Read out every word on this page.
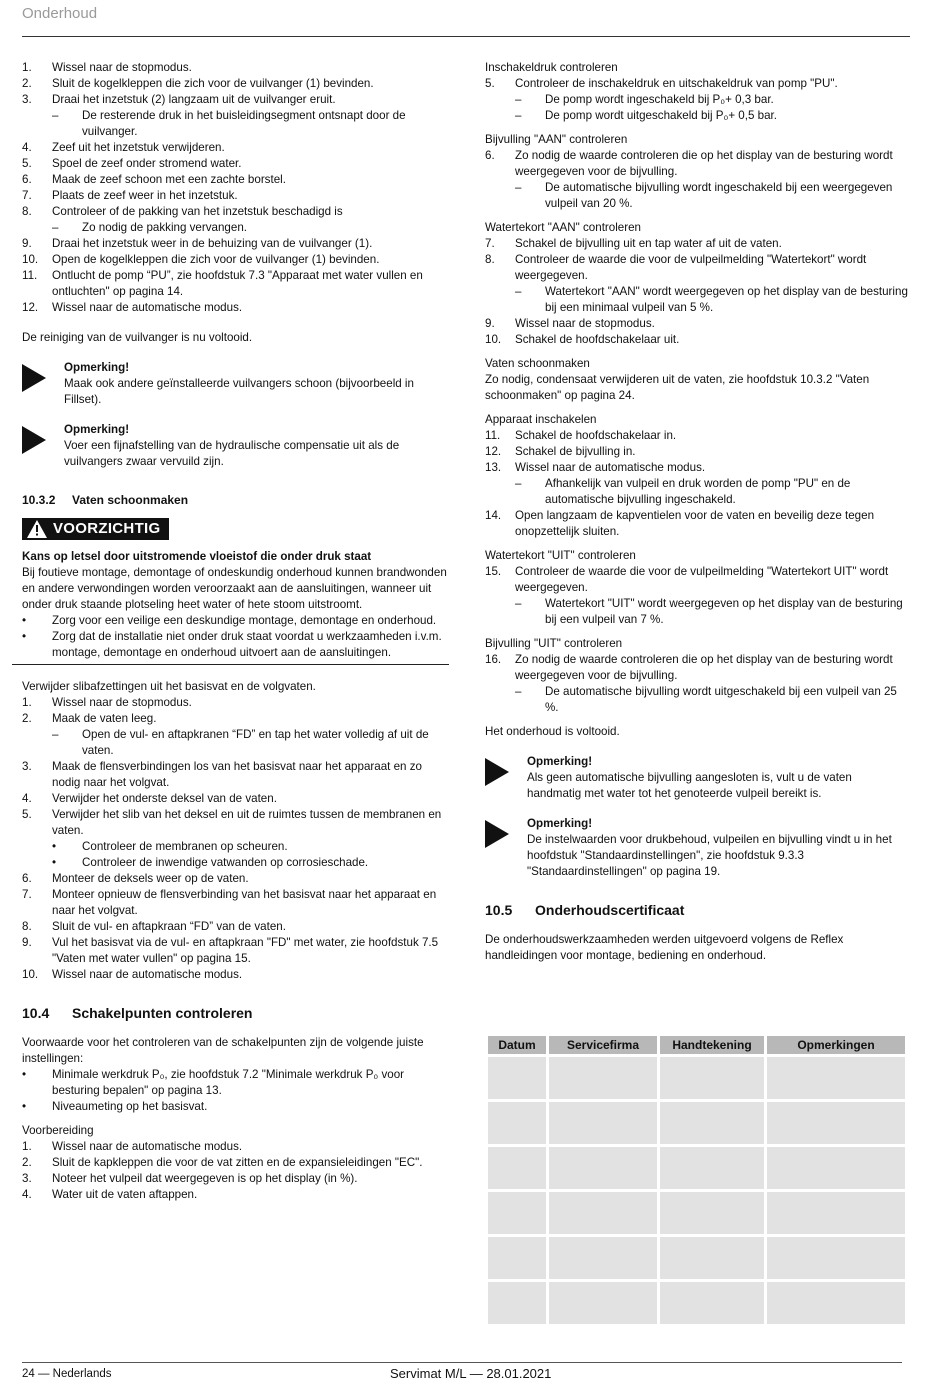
Onderhoud
1.	Wissel naar de stopmodus.
2.	Sluit de kogelkleppen die zich voor de vuilvanger (1) bevinden.
3.	Draai het inzetstuk (2) langzaam uit de vuilvanger eruit.
–	De resterende druk in het buisleidingsegment ontsnapt door de vuilvanger.
4.	Zeef uit het inzetstuk verwijderen.
5.	Spoel de zeef onder stromend water.
6.	Maak de zeef schoon met een zachte borstel.
7.	Plaats de zeef weer in het inzetstuk.
8.	Controleer of de pakking van het inzetstuk beschadigd is
–	Zo nodig de pakking vervangen.
9.	Draai het inzetstuk weer in de behuizing van de vuilvanger (1).
10.	Open de kogelkleppen die zich voor de vuilvanger (1) bevinden.
11.	Ontlucht de pomp “PU”, zie hoofdstuk 7.3 "Apparaat met water vullen en ontluchten" op pagina 14.
12.	Wissel naar de automatische modus.

De reiniging van de vuilvanger is nu voltooid.

Opmerking!
Maak ook andere geïnstalleerde vuilvangers schoon (bijvoorbeeld in Fillset).
Opmerking!
Voer een fijnafstelling van de hydraulische compensatie uit als de vuilvangers zwaar vervuild zijn.
10.3.2 Vaten schoonmaken
VOORZICHTIG
Kans op letsel door uitstromende vloeistof die onder druk staat

Bij foutieve montage, demontage of ondeskundig onderhoud kunnen brandwonden en andere verwondingen worden veroorzaakt aan de aansluitingen, wanneer uit onder druk staande plotseling heet water of hete stoom uitstroomt.

•	Zorg voor een veilige een deskundige montage, demontage en onderhoud.
•	Zorg dat de installatie niet onder druk staat voordat u werkzaamheden i.v.m. montage, demontage en onderhoud uitvoert aan de aansluitingen.

Verwijder slibafzettingen uit het basisvat en de volgvaten.

1.	Wissel naar de stopmodus.
2.	Maak de vaten leeg.
–	Open de vul- en aftapkranen “FD” en tap het water volledig af uit de vaten.
3.	Maak de flensverbindingen los van het basisvat naar het apparaat en zo nodig naar het volgvat.
4.	Verwijder het onderste deksel van de vaten.
5.	Verwijder het slib van het deksel en uit de ruimtes tussen de membranen en vaten.
•	Controleer de membranen op scheuren.
•	Controleer de inwendige vatwanden op corrosieschade.
6.	Monteer de deksels weer op de vaten.
7.	Monteer opnieuw de flensverbinding van het basisvat naar het apparaat en naar het volgvat.
8.	Sluit de vul- en aftapkraan “FD” van de vaten.
9.	Vul het basisvat via de vul- en aftapkraan "FD" met water, zie hoofdstuk 7.5 "Vaten met water vullen" op pagina 15.
10.	Wissel naar de automatische modus.
10.4 Schakelpunten controleren

Voorwaarde voor het controleren van de schakelpunten zijn de volgende juiste instellingen:

•	Minimale werkdruk P₀, zie hoofdstuk 7.2 "Minimale werkdruk P₀ voor besturing bepalen" op pagina 13.
•	Niveaumeting op het basisvat.

Voorbereiding

1.	Wissel naar de automatische modus.
2.	Sluit de kapkleppen die voor de vat zitten en de expansieleidingen "EC".
3.	Noteer het vulpeil dat weergegeven is op het display (in %).
4.	Water uit de vaten aftappen.

Inschakeldruk controleren

5.	Controleer de inschakeldruk en uitschakeldruk van pomp "PU".
–	De pomp wordt ingeschakeld bij P₀+ 0,3 bar.
–	De pomp wordt uitgeschakeld bij P₀+ 0,5 bar.

Bijvulling "AAN" controleren

6.	Zo nodig de waarde controleren die op het display van de besturing wordt weergegeven voor de bijvulling.
–	De automatische bijvulling wordt ingeschakeld bij een weergegeven vulpeil van 20 %.

Watertekort "AAN" controleren

7.	Schakel de bijvulling uit en tap water af uit de vaten.
8.	Controleer de waarde die voor de vulpeilmelding "Watertekort" wordt weergegeven.
–	Watertekort "AAN" wordt weergegeven op het display van de besturing bij een minimaal vulpeil van 5 %.
9.	Wissel naar de stopmodus.
10.	Schakel de hoofdschakelaar uit.

Vaten schoonmaken

Zo nodig, condensaat verwijderen uit de vaten, zie hoofdstuk 10.3.2 "Vaten schoonmaken" op pagina 24.

Apparaat inschakelen

11.	Schakel de hoofdschakelaar in.
12.	Schakel de bijvulling in.
13.	Wissel naar de automatische modus.
–	Afhankelijk van vulpeil en druk worden de pomp "PU" en de automatische bijvulling ingeschakeld.
14.	Open langzaam de kapventielen voor de vaten en beveilig deze tegen onopzettelijk sluiten.

Watertekort "UIT" controleren

15.	Controleer de waarde die voor de vulpeilmelding "Watertekort UIT" wordt weergegeven.
–	Watertekort "UIT" wordt weergegeven op het display van de besturing bij een vulpeil van 7 %.

Bijvulling "UIT" controleren

16.	Zo nodig de waarde controleren die op het display van de besturing wordt weergegeven voor de bijvulling.
–	De automatische bijvulling wordt uitgeschakeld bij een vulpeil van 25 %.

Het onderhoud is voltooid.

Opmerking!
Als geen automatische bijvulling aangesloten is, vult u de vaten handmatig met water tot het genoteerde vulpeil bereikt is.
Opmerking!
De instelwaarden voor drukbehoud, vulpeilen en bijvulling vindt u in het hoofdstuk "Standaardinstellingen", zie hoofdstuk 9.3.3 "Standaardinstellingen" op pagina 19.
10.5 Onderhoudscertificaat

De onderhoudswerkzaamheden werden uitgevoerd volgens de Reflex handleidingen voor montage, bediening en onderhoud.

Datum	Servicefirma	Handtekening	Opmerkingen

24 — Nederlands	Servimat M/L — 28.01.2021
